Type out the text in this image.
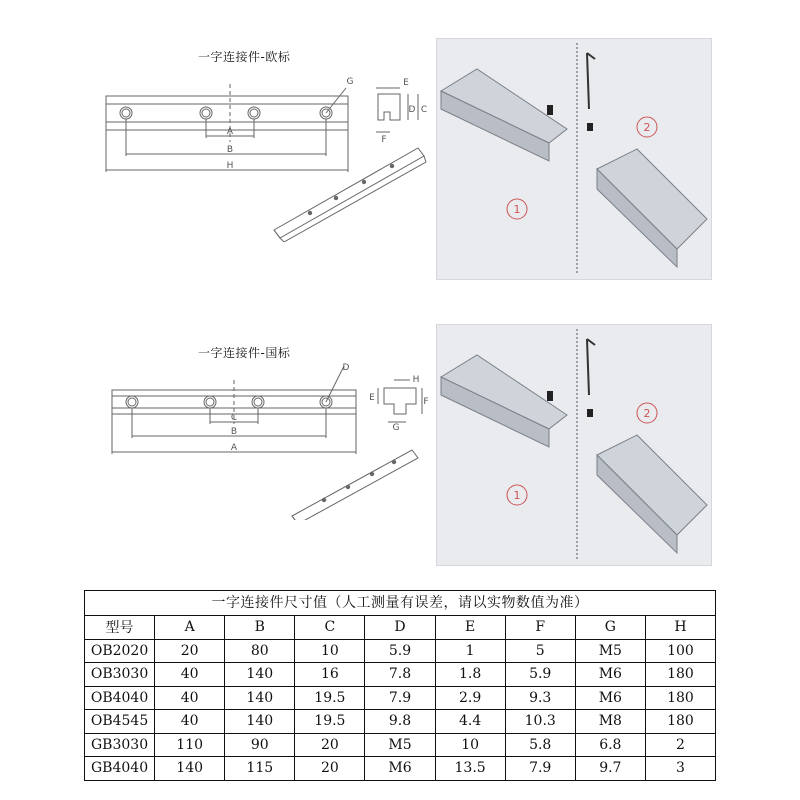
一字连接件-欧标
G	E
D C
F
A
B
H
2
1
一字连接件-国标
D
H
E	F
G
C
B
A
2
1
一字连接件尺寸值（人工测量有误差，请以实物数值为准）
型号	A	B	C	D	E	F	G	H
OB2020	20	80	10	5.9	1	5	M5	100
OB3030	40	140	16	7.8	1.8	5.9	M6	180
OB4040	40	140	19.5	7.9	2.9	9.3	M6	180
OB4545	40	140	19.5	9.8	4.4	10.3	M8	180
GB3030	110	90	20	M5	10	5.8	6.8	2
GB4040	140	115	20	M6	13.5	7.9	9.7	3
